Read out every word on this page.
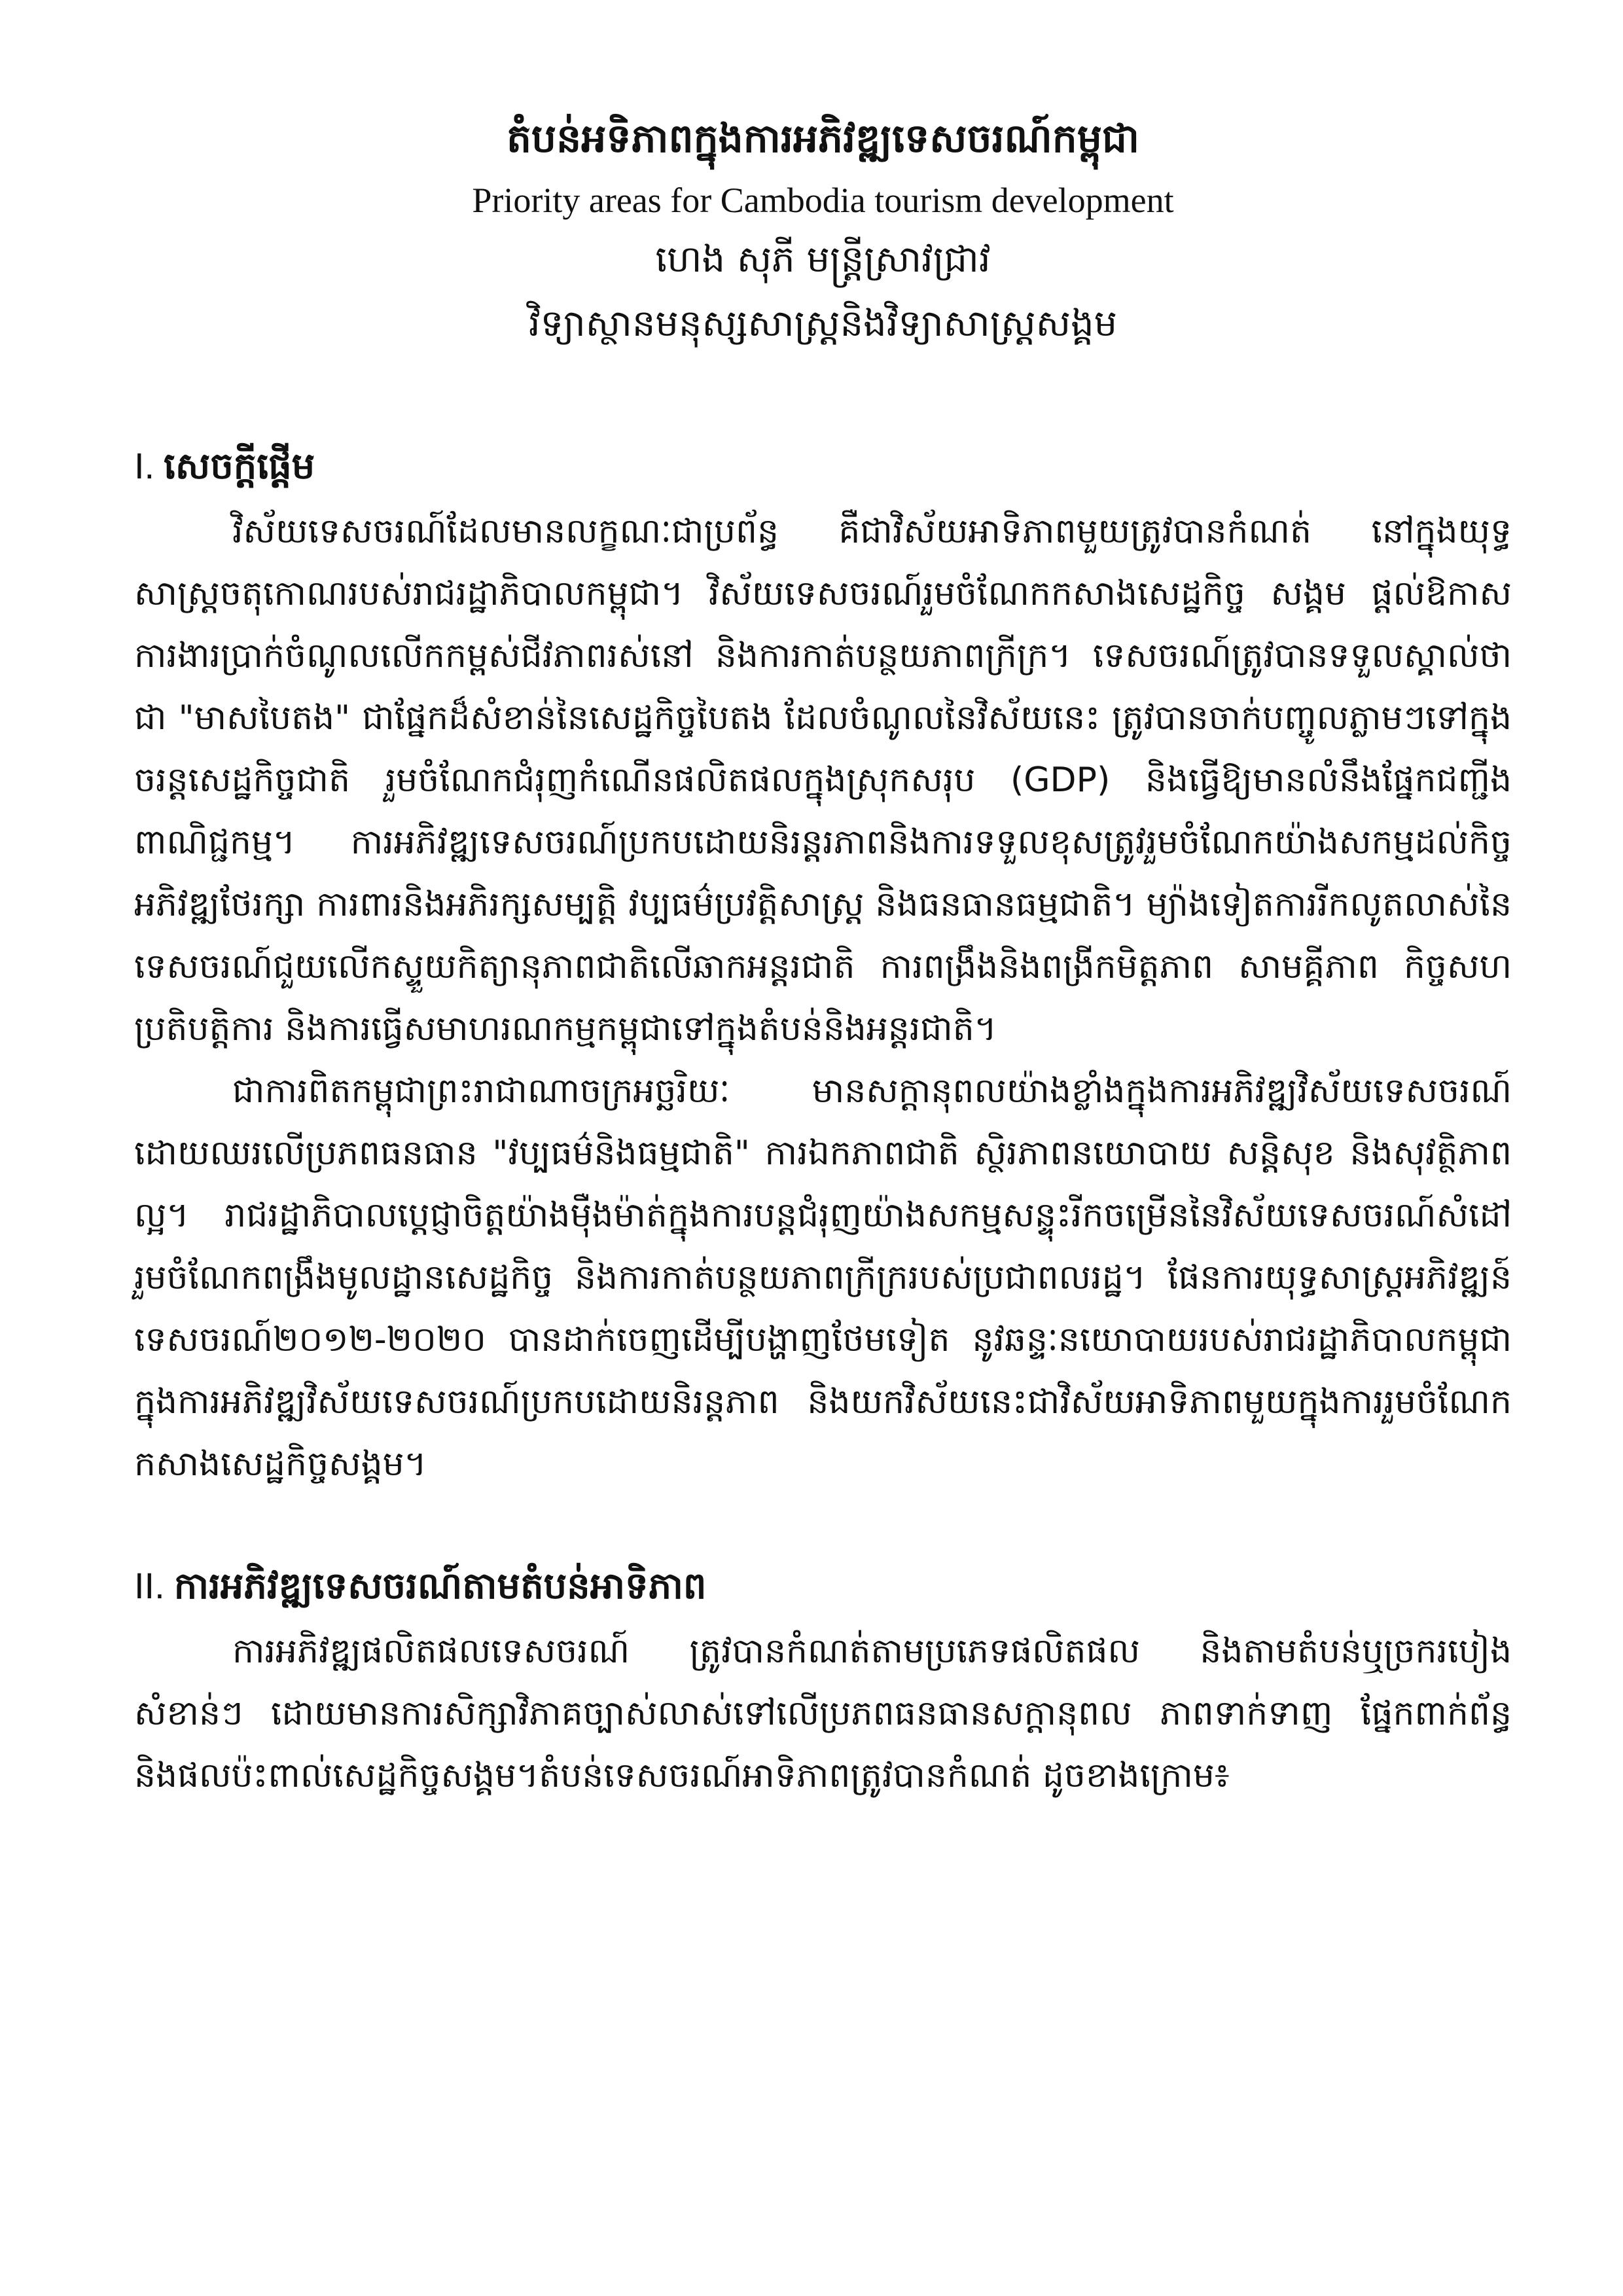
តំបន់អទិភាពក្នុងការអភិវឌ្ឍទេសចរណ៍កម្ពុជា

Priority areas for Cambodia tourism development

ហេង សុភី មន្ត្រីស្រាវជ្រាវ

វិទ្យាស្ថានមនុស្សសាស្ត្រនិងវិទ្យាសាស្ត្រសង្គម

I. សេចក្តីផ្តើម

វិស័យទេសចរណ៍ដែលមានលក្ខណៈជាប្រព័ន្ធ គឺជាវិស័យអាទិភាពមួយត្រូវបានកំណត់ នៅក្នុងយុទ្ធសាស្ត្រចតុកោណរបស់រាជរដ្ឋាភិបាលកម្ពុជា។ វិស័យទេសចរណ៍រួមចំណែកកសាងសេដ្ឋកិច្ច សង្គម ផ្តល់ឱកាសការងារប្រាក់ចំណូលលើកកម្ពស់ជីវភាពរស់នៅ និងការកាត់បន្ថយភាពក្រីក្រ។ ទេសចរណ៍ត្រូវបានទទួលស្គាល់ថាជា "មាសបៃតង" ជាផ្នែកដ៏សំខាន់នៃសេដ្ឋកិច្ចបៃតង ដែលចំណូលនៃវិស័យនេះ ត្រូវបានចាក់បញ្ចូលភ្លាមៗទៅក្នុងចរន្តសេដ្ឋកិច្ចជាតិ រួមចំណែកជំរុញកំណើនផលិតផលក្នុងស្រុកសរុប (GDP) និងធ្វើឱ្យមានលំនឹងផ្នែកជញ្ជីងពាណិជ្ជកម្ម។ ការអភិវឌ្ឍទេសចរណ៍ប្រកបដោយនិរន្តរភាពនិងការទទួលខុសត្រូវរួមចំណែកយ៉ាងសកម្មដល់កិច្ចអភិវឌ្ឍថែរក្សា ការពារនិងអភិរក្សសម្បត្តិ វប្បធម៌ប្រវត្តិសាស្ត្រ និងធនធានធម្មជាតិ។ ម្យ៉ាងទៀតការរីកលូតលាស់នៃទេសចរណ៍ជួយលើកស្ទួយកិត្យានុភាពជាតិលើឆាកអន្តរជាតិ ការពង្រឹងនិងពង្រីកមិត្តភាព សាមគ្គីភាព កិច្ចសហប្រតិបត្តិការ និងការធ្វើសមាហរណកម្មកម្ពុជាទៅក្នុងតំបន់និងអន្តរជាតិ។

ជាការពិតកម្ពុជាព្រះរាជាណាចក្រអច្ឆរិយៈ មានសក្តានុពលយ៉ាងខ្លាំងក្នុងការអភិវឌ្ឍវិស័យទេសចរណ៍ដោយឈរលើប្រភពធនធាន "វប្បធម៌និងធម្មជាតិ" ការឯកភាពជាតិ ស្ថិរភាពនយោបាយ សន្តិសុខ និងសុវត្ថិភាពល្អ។ រាជរដ្ឋាភិបាលប្តេជ្ញាចិត្តយ៉ាងម៉ឺងម៉ាត់ក្នុងការបន្តជំរុញយ៉ាងសកម្មសន្ទុះរីកចម្រើននៃវិស័យទេសចរណ៍សំដៅរួមចំណែកពង្រឹងមូលដ្ឋានសេដ្ឋកិច្ច និងការកាត់បន្ថយភាពក្រីក្ររបស់ប្រជាពលរដ្ឋ។ ផែនការយុទ្ធសាស្ត្រអភិវឌ្ឍន៍ទេសចរណ៍២០១២-២០២០ បានដាក់ចេញដើម្បីបង្ហាញថែមទៀត នូវឆន្ទៈនយោបាយរបស់រាជរដ្ឋាភិបាលកម្ពុជាក្នុងការអភិវឌ្ឍវិស័យទេសចរណ៍ប្រកបដោយនិរន្តភាព និងយកវិស័យនេះជាវិស័យអាទិភាពមួយក្នុងការរួមចំណែកកសាងសេដ្ឋកិច្ចសង្គម។

II. ការអភិវឌ្ឍទេសចរណ៍តាមតំបន់អាទិភាព

ការអភិវឌ្ឍផលិតផលទេសចរណ៍ ត្រូវបានកំណត់តាមប្រភេទផលិតផល និងតាមតំបន់ឬច្រករបៀងសំខាន់ៗ ដោយមានការសិក្សាវិភាគច្បាស់លាស់ទៅលើប្រភពធនធានសក្តានុពល ភាពទាក់ទាញ ផ្នែកពាក់ព័ន្ធនិងផលប៉ះពាល់សេដ្ឋកិច្ចសង្គម។តំបន់ទេសចរណ៍អាទិភាពត្រូវបានកំណត់ ដូចខាងក្រោម៖
